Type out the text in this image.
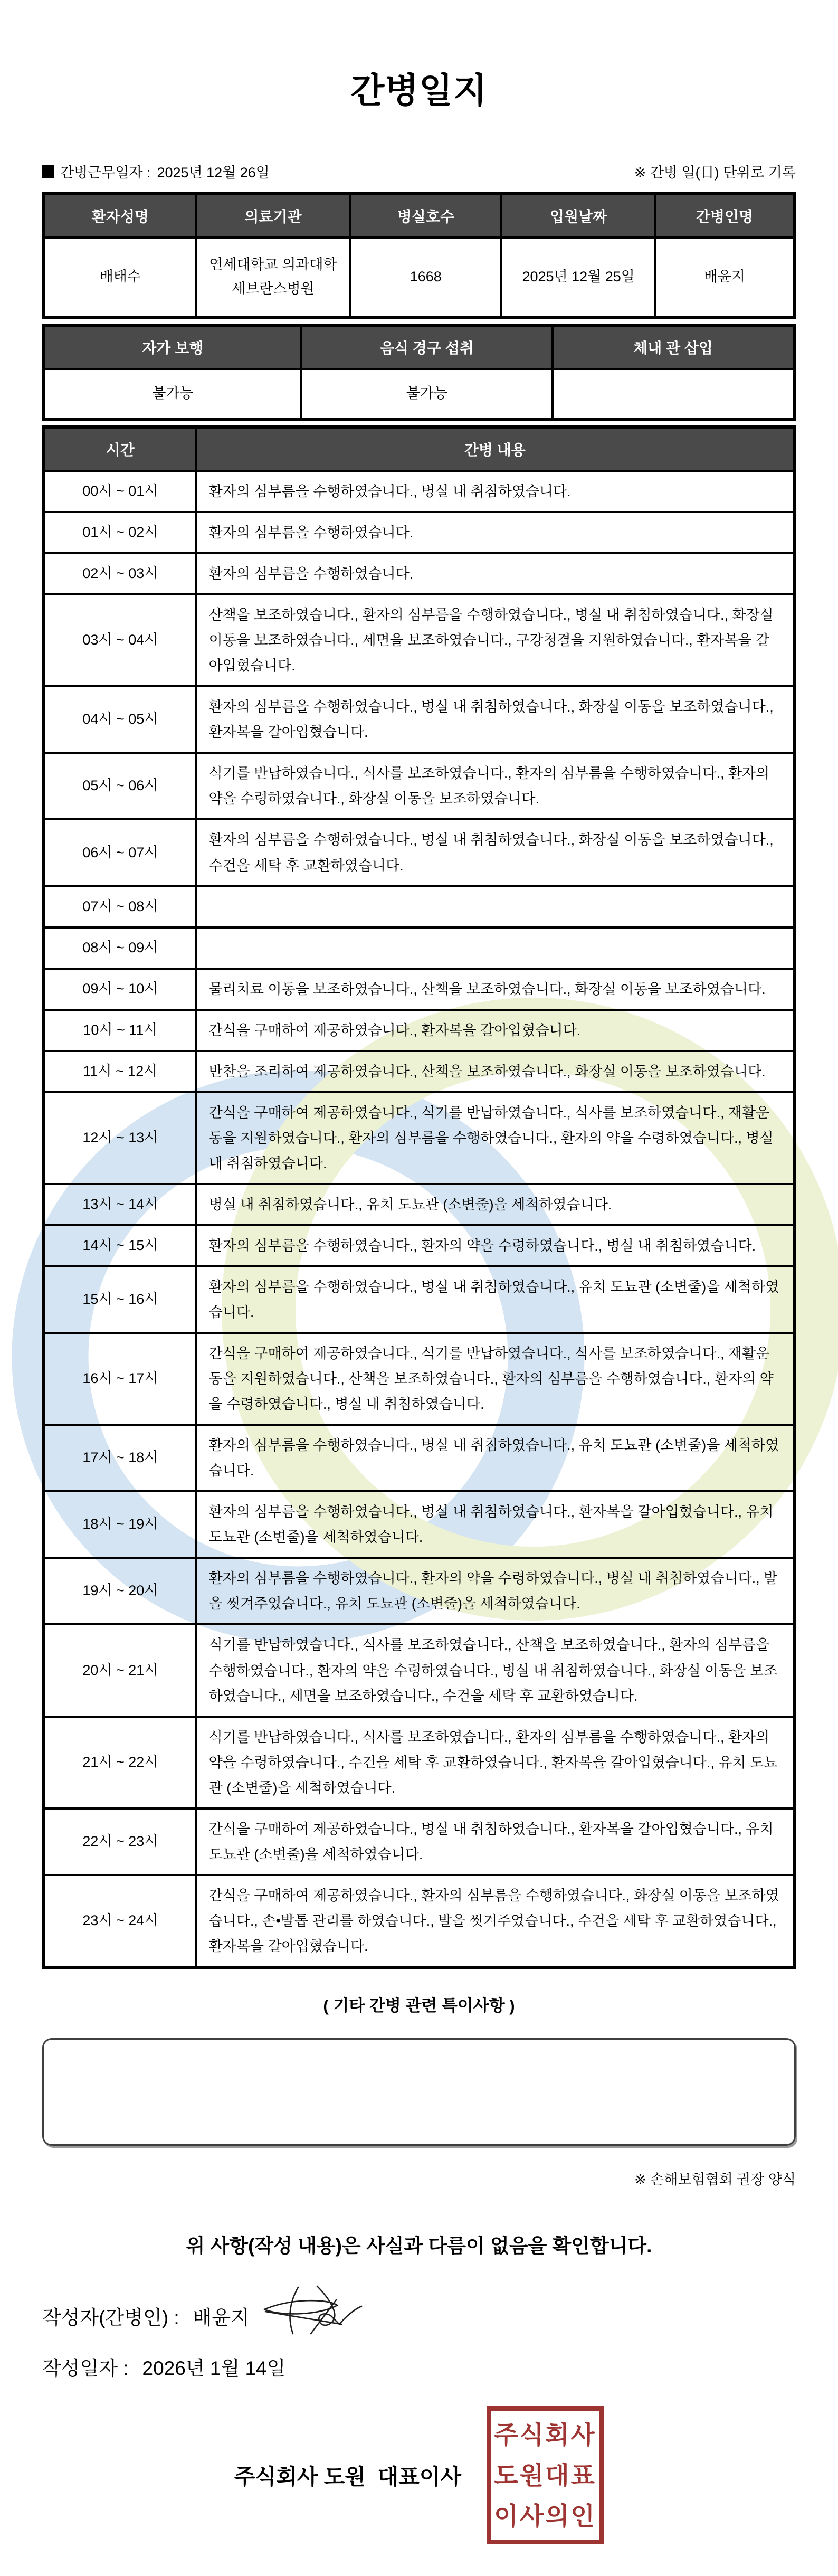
간병일지
간병근무일자 : 2025년 12월 26일	※ 간병 일(日) 단위로 기록
환자성명	의료기관	병실호수	입원날짜	간병인명
배태수	연세대학교 의과대학 세브란스병원	1668	2025년 12월 25일	배윤지
자가 보행	음식 경구 섭취	체내 관 삽입
불가능	불가능	
시간	간병 내용
00시 ~ 01시	환자의 심부름을 수행하였습니다., 병실 내 취침하였습니다.
01시 ~ 02시	환자의 심부름을 수행하였습니다.
02시 ~ 03시	환자의 심부름을 수행하였습니다.
03시 ~ 04시	산책을 보조하였습니다., 환자의 심부름을 수행하였습니다., 병실 내 취침하였습니다., 화장실 이동을 보조하였습니다., 세면을 보조하였습니다., 구강청결을 지원하였습니다., 환자복을 갈아입혔습니다.
04시 ~ 05시	환자의 심부름을 수행하였습니다., 병실 내 취침하였습니다., 화장실 이동을 보조하였습니다., 환자복을 갈아입혔습니다.
05시 ~ 06시	식기를 반납하였습니다., 식사를 보조하였습니다., 환자의 심부름을 수행하였습니다., 환자의 약을 수령하였습니다., 화장실 이동을 보조하였습니다.
06시 ~ 07시	환자의 심부름을 수행하였습니다., 병실 내 취침하였습니다., 화장실 이동을 보조하였습니다., 수건을 세탁 후 교환하였습니다.
07시 ~ 08시	
08시 ~ 09시	
09시 ~ 10시	물리치료 이동을 보조하였습니다., 산책을 보조하였습니다., 화장실 이동을 보조하였습니다.
10시 ~ 11시	간식을 구매하여 제공하였습니다., 환자복을 갈아입혔습니다.
11시 ~ 12시	반찬을 조리하여 제공하였습니다., 산책을 보조하였습니다., 화장실 이동을 보조하였습니다.
12시 ~ 13시	간식을 구매하여 제공하였습니다., 식기를 반납하였습니다., 식사를 보조하였습니다., 재활운동을 지원하였습니다., 환자의 심부름을 수행하였습니다., 환자의 약을 수령하였습니다., 병실 내 취침하였습니다.
13시 ~ 14시	병실 내 취침하였습니다., 유치 도뇨관 (소변줄)을 세척하였습니다.
14시 ~ 15시	환자의 심부름을 수행하였습니다., 환자의 약을 수령하였습니다., 병실 내 취침하였습니다.
15시 ~ 16시	환자의 심부름을 수행하였습니다., 병실 내 취침하였습니다., 유치 도뇨관 (소변줄)을 세척하였습니다.
16시 ~ 17시	간식을 구매하여 제공하였습니다., 식기를 반납하였습니다., 식사를 보조하였습니다., 재활운동을 지원하였습니다., 산책을 보조하였습니다., 환자의 심부름을 수행하였습니다., 환자의 약을 수령하였습니다., 병실 내 취침하였습니다.
17시 ~ 18시	환자의 심부름을 수행하였습니다., 병실 내 취침하였습니다., 유치 도뇨관 (소변줄)을 세척하였습니다.
18시 ~ 19시	환자의 심부름을 수행하였습니다., 병실 내 취침하였습니다., 환자복을 갈아입혔습니다., 유치 도뇨관 (소변줄)을 세척하였습니다.
19시 ~ 20시	환자의 심부름을 수행하였습니다., 환자의 약을 수령하였습니다., 병실 내 취침하였습니다., 발을 씻겨주었습니다., 유치 도뇨관 (소변줄)을 세척하였습니다.
20시 ~ 21시	식기를 반납하였습니다., 식사를 보조하였습니다., 산책을 보조하였습니다., 환자의 심부름을 수행하였습니다., 환자의 약을 수령하였습니다., 병실 내 취침하였습니다., 화장실 이동을 보조하였습니다., 세면을 보조하였습니다., 수건을 세탁 후 교환하였습니다.
21시 ~ 22시	식기를 반납하였습니다., 식사를 보조하였습니다., 환자의 심부름을 수행하였습니다., 환자의 약을 수령하였습니다., 수건을 세탁 후 교환하였습니다., 환자복을 갈아입혔습니다., 유치 도뇨관 (소변줄)을 세척하였습니다.
22시 ~ 23시	간식을 구매하여 제공하였습니다., 병실 내 취침하였습니다., 환자복을 갈아입혔습니다., 유치 도뇨관 (소변줄)을 세척하였습니다.
23시 ~ 24시	간식을 구매하여 제공하였습니다., 환자의 심부름을 수행하였습니다., 화장실 이동을 보조하였습니다., 손•발톱 관리를 하였습니다., 발을 씻겨주었습니다., 수건을 세탁 후 교환하였습니다., 환자복을 갈아입혔습니다.
( 기타 간병 관련 특이사항 )
※ 손해보험협회 권장 양식
위 사항(작성 내용)은 사실과 다름이 없음을 확인합니다.
작성자(간병인) : 배윤지
작성일자 : 2026년 1월 14일
주식회사 도원  대표이사
주식회사
도원대표
이사의인
